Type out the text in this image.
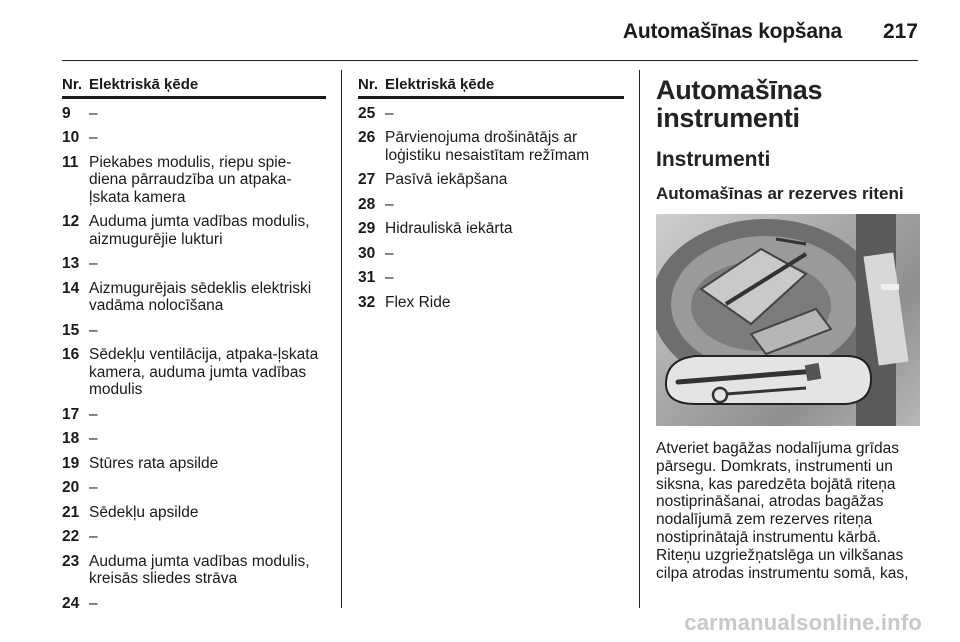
Automašīnas kopšana 217
Nr. Elektriskā ķēde
9	–
10 –
11 Piekabes modulis, riepu spie-diena pārraudzība un atpaka-ļskata kamera
12 Auduma jumta vadības modulis, aizmugurējie lukturi
13 –
14 Aizmugurējais sēdeklis elektriski vadāma nolocīšana
15 –
16 Sēdekļu ventilācija, atpaka-ļskata kamera, auduma jumta vadības modulis
17 –
18 –
19 Stūres rata apsilde
20 –
21 Sēdekļu apsilde
22 –
23 Auduma jumta vadības modulis, kreisās sliedes strāva
24 –
Nr. Elektriskā ķēde
25 –
26 Pārvienojuma drošinātājs ar loģistiku nesaistītam režīmam
27 Pasīvā iekāpšana
28 –
29 Hidrauliskā iekārta
30 –
31 –
32 Flex Ride
Automašīnas instrumenti
Instrumenti
Automašīnas ar rezerves riteni
Atveriet bagāžas nodalījuma grīdas pārsegu. Domkrats, instrumenti un siksna, kas paredzēta bojātā riteņa nostiprināšanai, atrodas bagāžas nodalījumā zem rezerves riteņa nostiprinātajā instrumentu kārbā. Riteņu uzgriežņatslēga un vilkšanas cilpa atrodas instrumentu somā, kas,
carmanualsonline.info
